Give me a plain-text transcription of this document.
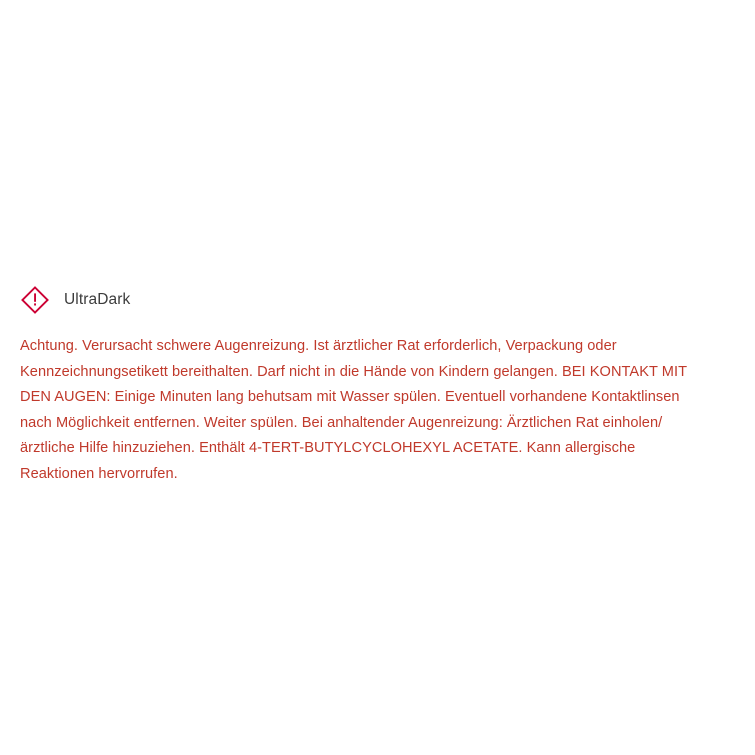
UltraDark

Achtung. Verursacht schwere Augenreizung. Ist ärztlicher Rat erforderlich, Verpackung oder Kennzeichnungsetikett bereithalten. Darf nicht in die Hände von Kindern gelangen. BEI KONTAKT MIT DEN AUGEN: Einige Minuten lang behutsam mit Wasser spülen. Eventuell vorhandene Kontaktlinsen nach Möglichkeit entfernen. Weiter spülen. Bei anhaltender Augenreizung: Ärztlichen Rat einholen/ärztliche Hilfe hinzuziehen. Enthält 4-TERT-BUTYLCYCLOHEXYL ACETATE. Kann allergische Reaktionen hervorrufen.
